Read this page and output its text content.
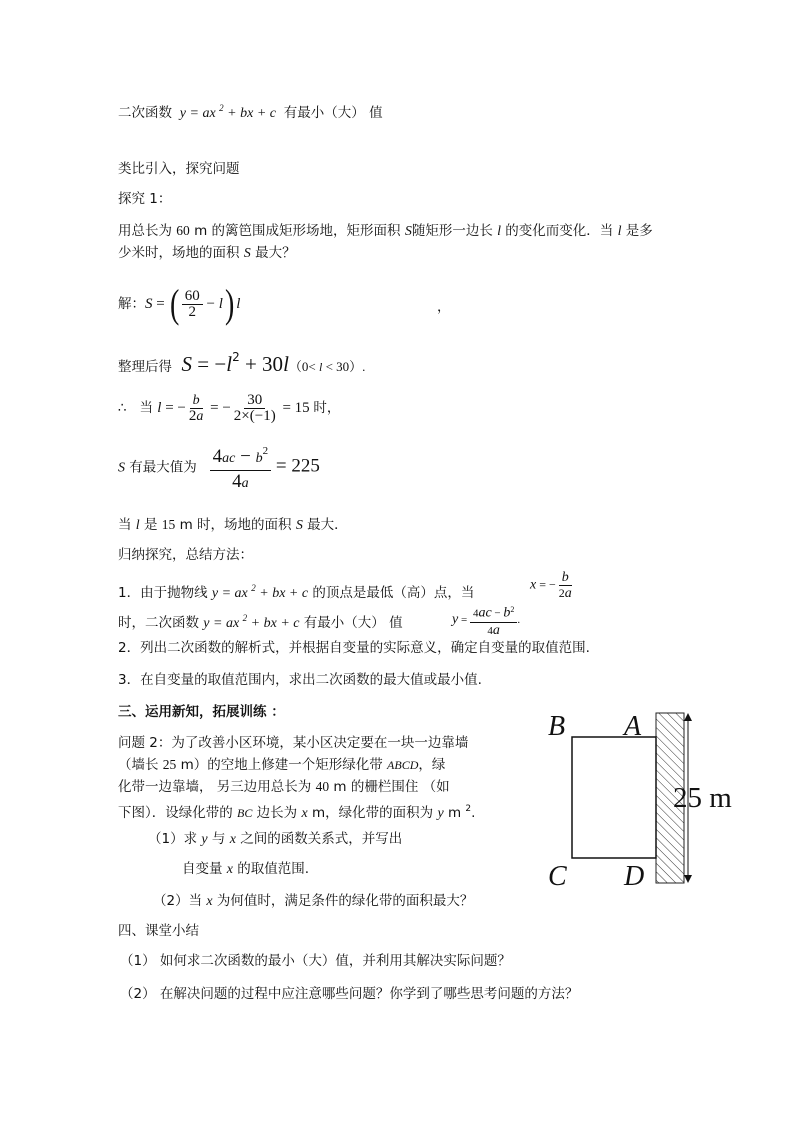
二次函数  y = ax $^2$ + bx + c  有最小（大） 值
类比引入，探究问题
探究 1：
用总长为 60 m 的篱笆围成矩形场地，矩形面积 S随矩形一边长 l 的变化而变化．当 l 是多
少米时，场地的面积 S 最大？
解：S = ( $\frac{60}{2} - l$) l	，
整理后得  S = −l2 + 30l（0< l < 30）.
∴ 当 l = − $\frac{b}{2a}$ = − $\frac{30}{2\times(-1)} = 15$ 时，
S 有最大值为 $\frac{4ac - b^2}{4a} = 225$
当 l 是 15 m 时，场地的面积 S 最大．
归纳探究，总结方法：
1．由于抛物线 y = ax $^2$ + bx + c 的顶点是最低（高）点，当
x = − $\frac{b}{2a}$
时，二次函数 y = ax $^2$ + bx + c 有最小（大） 值	$y = \frac{4ac - b^2}{4a}$ .
2．列出二次函数的解析式，并根据自变量的实际意义，确定自变量的取值范围.
3．在自变量的取值范围内，求出二次函数的最大值或最小值.
三、运用新知，拓展训练 ：
问题 2：为了改善小区环境，某小区决定要在一块一边靠墙
（墙长 25 m）的空地上修建一个矩形绿化带 ABCD，绿
化带一边靠墙， 另三边用总长为 40 m 的栅栏围住 （如
下图）．设绿化带的 BC 边长为 x m，绿化带的面积为 y m $^2$.
（1）求 y 与 x 之间的函数关系式，并写出
自变量 x 的取值范围.
（2）当 x 为何值时，满足条件的绿化带的面积最大？
B A
C D
25 m
四、课堂小结
（1） 如何求二次函数的最小（大）值，并利用其解决实际问题？
（2） 在解决问题的过程中应注意哪些问题？你学到了哪些思考问题的方法？
